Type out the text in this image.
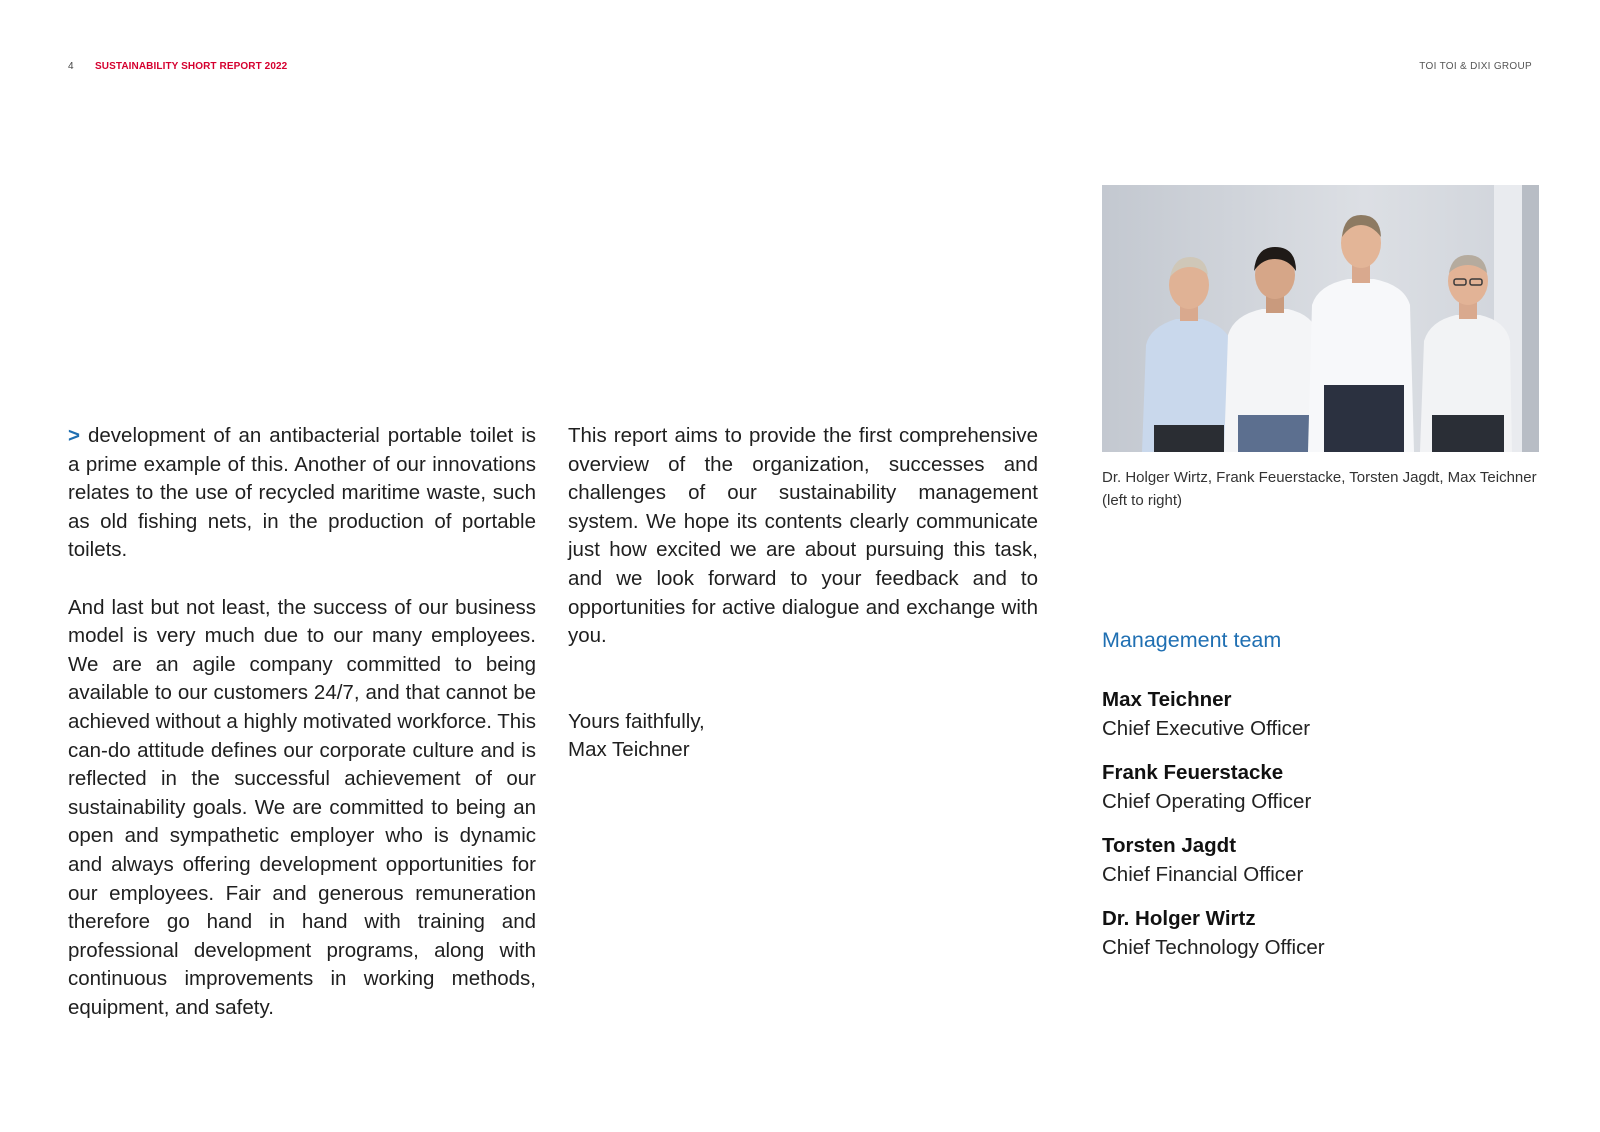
4 SUSTAINABILITY SHORT REPORT 2022	TOI TOI & DIXI GROUP

> development of an antibacterial portable toilet is a prime example of this. Another of our innovations relates to the use of recycled maritime waste, such as old fishing nets, in the production of portable toilets.

And last but not least, the success of our business model is very much due to our many employees. We are an agile company committed to being available to our customers 24/7, and that cannot be achieved without a highly motivated workforce. This can-do attitude defines our corporate culture and is reflected in the successful achievement of our sustainability goals. We are committed to being an open and sympathetic employer who is dynamic and always offering development opportunities for our employees. Fair and generous remuneration therefore go hand in hand with training and professional development programs, along with continuous improvements in working methods, equipment, and safety.

This report aims to provide the first comprehensive overview of the organization, successes and challenges of our sustainability management system. We hope its contents clearly communicate just how excited we are about pursuing this task, and we look forward to your feedback and to opportunities for active dialogue and exchange with you.

Yours faithfully,

Max Teichner

Dr. Holger Wirtz, Frank Feuerstacke, Torsten Jagdt, Max Teichner (left to right)
Management team
Max Teichner
Chief Executive Officer
Frank Feuerstacke
Chief Operating Officer
Torsten Jagdt
Chief Financial Officer
Dr. Holger Wirtz
Chief Technology Officer
